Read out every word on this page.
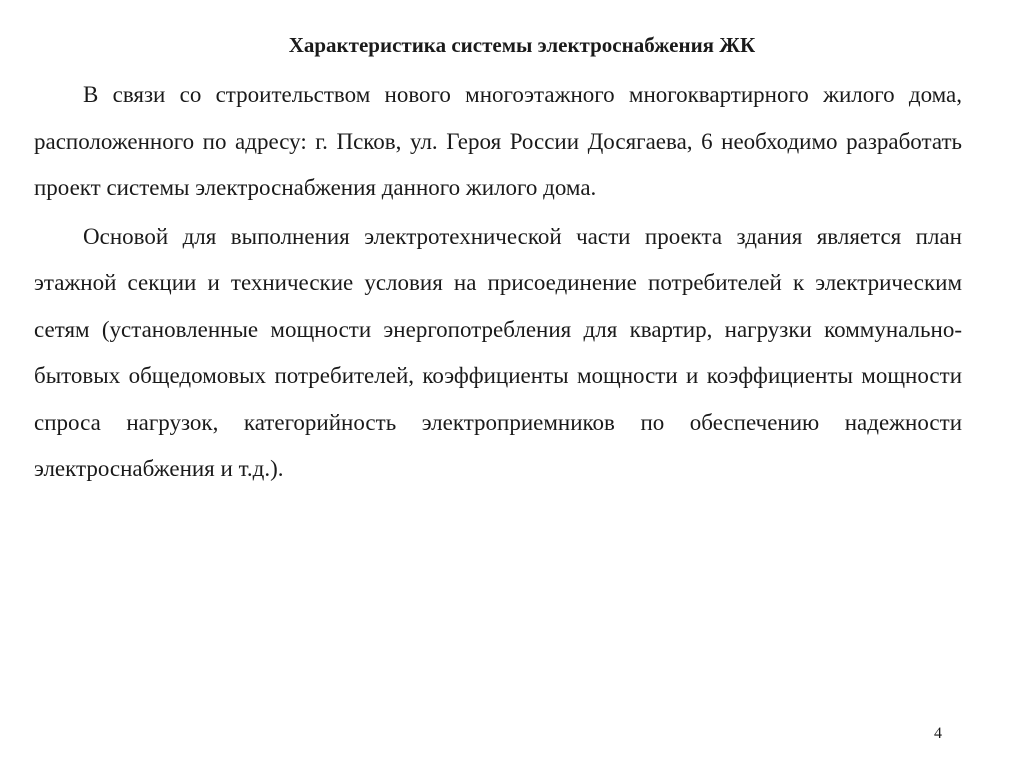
Характеристика системы электроснабжения ЖК

В связи со строительством нового многоэтажного многоквартирного жилого дома, расположенного по адресу: г. Псков, ул. Героя России Досягаева, 6 необходимо разработать проект системы электроснабжения данного жилого дома.

Основой для выполнения электротехнической части проекта здания является план этажной секции и технические условия на присоединение потребителей к электрическим сетям (установленные мощности энергопотребления для квартир, нагрузки коммунально-бытовых общедомовых потребителей, коэффициенты мощности и коэффициенты мощности спроса нагрузок, категорийность электроприемников по обеспечению надежности электроснабжения и т.д.).

4
